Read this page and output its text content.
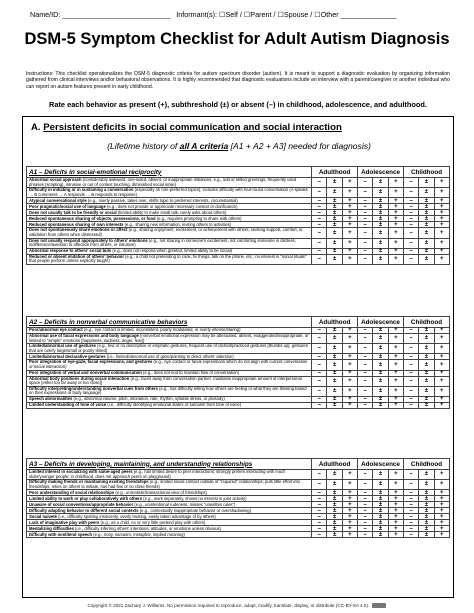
Name/ID: ___________________________ Informant(s): ☐Self / ☐Parent / ☐Spouse / ☐Other ______________
DSM-5 Symptom Checklist for Adult Autism Diagnosis
Instructions: This checklist operationalizes the DSM-5 diagnostic criteria for autism spectrum disorder (autism). It is meant to support a diagnostic evaluation by organizing information gathered from clinical interviews and/or behavioral observations. It is highly recommended that diagnostic evaluations include an interview with a parent/caregiver or another individual who can report on autism features present in early childhood.
Rate each behavior as present (+), subthreshold (±) or absent (–) in childhood, adolescence, and adulthood.
A. Persistent deficits in social communication and social interaction
(Lifetime history of all A criteria [A1 + A2 + A3] needed for diagnosis)
A1 – Deficits in social-emotional reciprocity	Adulthood			Adolescence			Childhood		
Abnormal social approach (considerably awkward, one-sided, absent, or inappropriate initiations, e.g., odd or stilted greetings, frequently used phrases (scripting), intrusive or out of context touching, diminished social smile)	–	±	+	–	±	+	–	±	+
Difficulty in initiating or in sustaining a conversation (especially on non-preferred topics); includes difficulty with four-round conversation (A speaks → B comments → A responds → B responds to response)	–	±	+	–	±	+	–	±	+
Atypical conversational style (e.g., overly passive, takes over, shifts topic to preferred interests, circumstantial)	–	±	+	–	±	+	–	±	+
Poor pragmatic/social use of language (e.g., does not provide or appreciate necessary context or clarification)	–	±	+	–	±	+	–	±	+
Does not usually talk to be friendly or social (limited ability to make small talk, rarely asks about others)	–	±	+	–	±	+	–	±	+
Reduced spontaneous sharing of objects, possessions, or food (e.g., requires prompting to share with others)	–	±	+	–	±	+	–	±	+
Reduced spontaneous sharing of own interests (e.g., sharing new information, inviting others to activities)	–	±	+	–	±	+	–	±	+
Does not spontaneously share emotions or affect (e.g., sharing enjoyment, excitement, or achievement with others; seeking support, comfort, or validation from others when distressed)	–	±	+	–	±	+	–	±	+
Does not usually respond appropriately to others' emotions (e.g., not sharing in someone's excitement, not comforting someone in distress, indifference/aversion to affection from others, or intrusive)	–	±	+	–	±	+	–	±	+
Abnormal response to others' social bids (e.g., does not respond when greeted, limited ability to be social)	–	±	+	–	±	+	–	±	+
Reduced or absent imitation of others' behavior (e.g., a child not pretending to cook, fix things, talk on the phone, etc.; no interest in "social rituals" that people perform unless explicitly taught)	–	±	+	–	±	+	–	±	+
A2 – Deficits in nonverbal communicative behaviors	Adulthood			Adolescence			Childhood		
Poor/abnormal eye contact (e.g., eye contact is limited, inconsistent, poorly modulated, or overly intense/staring)	–	±	+	–	±	+	–	±	+
Abnormal use of facial expressions and body language (nonverbal emotional expression may be attenuated, absent, exaggerated/inappropriate, or limited to "simple" emotions [happiness, sadness, anger, fear])	–	±	+	–	±	+	–	±	+
Limited/abnormal use of gestures (e.g., few or no descriptive or emphatic gestures, frequent use of clichéd/practiced gestures [thumbs up], gestures that are overly large/small or poorly timed)	–	±	+	–	±	+	–	±	+
Limited/abnormal declarative gestures (i.e., limited/abnormal use of gaze/pointing to direct others' attention)	–	±	+	–	±	+	–	±	+
Poor integration of eye-gaze, facial expressions, and gestures (e.g., eye contact or facial expressions which do not align with current conversation or social interaction)	–	±	+	–	±	+	–	±	+
Poor integration of verbal and nonverbal communication (e.g., does not nod to maintain flow of conversation)	–	±	+	–	±	+	–	±	+
Abnormal body positions during social interaction (e.g., faces away from conversation partner, maintains inappropriate amount of interpersonal space [either too far away or too close])	–	±	+	–	±	+	–	±	+
Difficulty interpreting/understanding nonverbal cues from others (e.g., has difficulty telling how others are feeling or what they are thinking based on their expressions or body language)	–	±	+	–	±	+	–	±	+
Speech abnormalities (e.g., abnormal volume, pitch, intonation, rate, rhythm, syllable stress, or prosody)	–	±	+	–	±	+	–	±	+
Limited understanding of tone of voice (i.e., difficulty identifying emotional states or sarcasm from tone of voice)	–	±	+	–	±	+	–	±	+
A3 – Deficits in developing, maintaining, and understanding relationships	Adulthood			Adolescence			Childhood		
Limited interest in socializing with same-aged peers (e.g., has limited desire to peer interactions; strongly prefers interacting with much older/younger people; in childhood, does not approach peers on playground)	–	±	+	–	±	+	–	±	+
Difficulty making friends or maintaining existing friendships (e.g., limited social contact outside of "required" relationships; puts little effort into friendships; relies on others to initiate, has had few or no close friends)	–	±	+	–	±	+	–	±	+
Poor understanding of social relationships (e.g., unrealistic/transactional view of friendships)	–	±	+	–	±	+	–	±	+
Limited ability to work or play collaboratively with others (e.g., work separately, shows no interest in joint activity)	–	±	+	–	±	+	–	±	+
Unaware of social conventions/appropriate behavior (e.g., unintentional rudeness, misses "unwritten rules")	–	±	+	–	±	+	–	±	+
Difficulty adapting behavior to different social contexts (e.g., contextually inappropriate behavior or overshadowing)	–	±	+	–	±	+	–	±	+
Social naiveté (i.e., difficulty spotting insincerity, overly trusting, easily taken advantage of by others)	–	±	+	–	±	+	–	±	+
Lack of imaginative play with peers (e.g., as a child, no or very little pretend play with others)	–	±	+	–	±	+	–	±	+
Mentalizing difficulties (i.e., difficulty inferring others' intentions, attitudes, or emotions unless obvious)	–	±	+	–	±	+	–	±	+
Difficulty with nonliteral speech (e.g., irony, sarcasm, metaphor, implied meaning)	–	±	+	–	±	+	–	±	+
Copyright © 2021 Zachary J. Williams. No permission required to reproduce, adapt, modify, translate, display, or distribute (CC-BY-SA 4.0).
